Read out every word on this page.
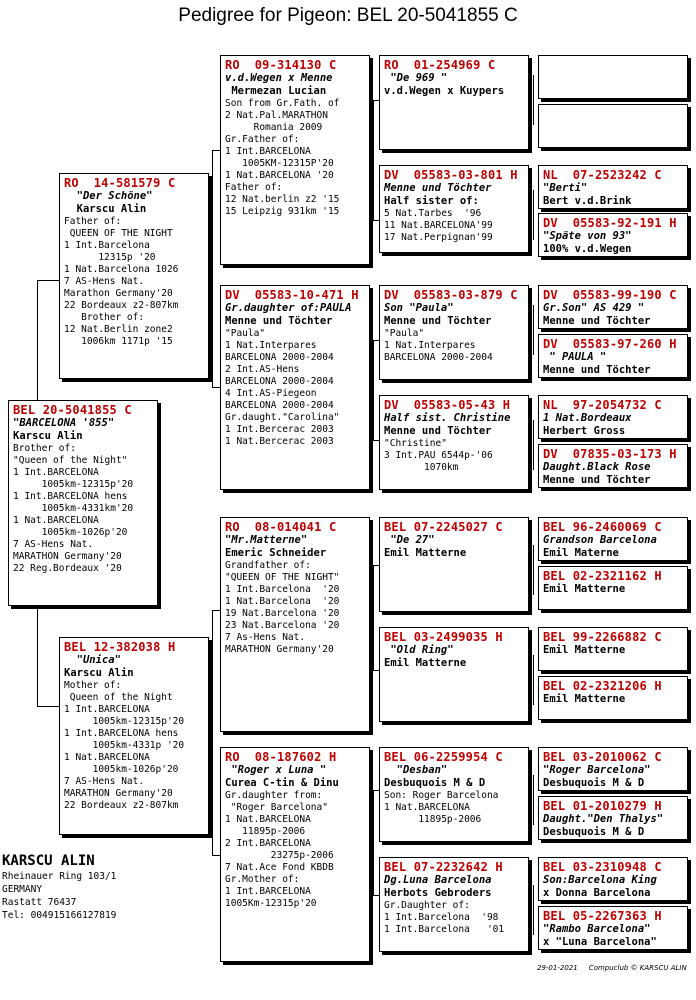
Pedigree for Pigeon: BEL 20-5041855 C
BEL 20-5041855 C
"BARCELONA '855"
Karscu Alin
Brother of:
"Queen of the Night"
1 Int.BARCELONA
1005km-12315p'20
1 Int.BARCELONA hens
1005km-4331km'20
1 Nat.BARCELONA
1005km-1026p'20
7 AS-Hens Nat.
MARATHON Germany'20
22 Reg.Bordeaux '20
RO  14-581579 C
"Der Schöne"
Karscu Alin
Father of:
QUEEN OF THE NIGHT
1 Int.Barcelona
12315p '20
1 Nat.Barcelona 1026
7 AS-Hens Nat.
Marathon Germany'20
22 Bordeaux z2-807km
Brother of:
12 Nat.Berlin zone2
1006km 1171p '15
BEL 12-382038 H
"Unica"
Karscu Alin
Mother of:
Queen of the Night
1 Int.BARCELONA
1005km-12315p'20
1 Int.BARCELONA hens
1005km-4331p '20
1 Nat.BARCELONA
1005km-1026p'20
7 AS-Hens Nat.
MARATHON Germany'20
22 Bordeaux z2-807km
RO  09-314130 C
v.d.Wegen x Menne
Mermezan Lucian
Son from Gr.Fath. of
2 Nat.Pal.MARATHON
Romania 2009
Gr.Father of:
1 Int.BARCELONA
1005KM-12315P'20
1 Nat.BARCELONA '20
Father of:
12 Nat.berlin z2 '15
15 Leipzig 931km '15
DV  05583-10-471 H
Gr.daughter of:PAULA
Menne und Töchter
"Paula"
1 Nat.Interpares
BARCELONA 2000-2004
2 Int.AS-Hens
BARCELONA 2000-2004
4 Int.AS-Piegeon
BARCELONA 2000-2004
Gr.daught."Carolina"
1 Int.Bercerac 2003
1 Nat.Bercerac 2003
RO  08-014041 C
"Mr.Matterne"
Emeric Schneider
Grandfather of:
"QUEEN OF THE NIGHT"
1 Int.Barcelona  '20
1 Nat.Barcelona  '20
19 Nat.Barcelona '20
23 Nat.Barcelona '20
7 As-Hens Nat.
MARATHON Germany'20
RO  08-187602 H
"Roger x Luna "
Curea C-tin & Dinu
Gr.daughter from:
"Roger Barcelona"
1 Nat.BARCELONA
11895p-2006
2 Int.BARCELONA
23275p-2006
7 Nat.Ace Fond KBDB
Gr.Mother of:
1 Int.BARCELONA
1005Km-12315p'20
RO  01-254969 C
"De 969 "
v.d.Wegen x Kuypers
DV  05583-03-801 H
Menne und Töchter
Half sister of:
5 Nat.Tarbes  '96
11 Nat.BARCELONA'99
17 Nat.Perpignan'99
DV  05583-03-879 C
Son "Paula"
Menne und Töchter
"Paula"
1 Nat.Interpares
BARCELONA 2000-2004
DV  05583-05-43 H
Half sist. Christine
Menne und Töchter
"Christine"
3 Int.PAU 6544p-'06
1070km
BEL 07-2245027 C
"De 27"
Emil Matterne
BEL 03-2499035 H
"Old Ring"
Emil Matterne
BEL 06-2259954 C
"Desban"
Desbuquois M & D
Son: Roger Barcelona
1 Nat.BARCELONA
11895p-2006
BEL 07-2232642 H
Dg.Luna Barcelona
Herbots Gebroders
Gr.Daughter of:
1 Int.Barcelona  '98
1 Int.Barcelona   '01
NL  07-2523242 C
"Berti"
Bert v.d.Brink
DV  05583-92-191 H
"Späte von 93"
100% v.d.Wegen
DV  05583-99-190 C
Gr.Son" AS 429 "
Menne und Töchter
DV  05583-97-260 H
" PAULA "
Menne und Töchter
NL  97-2054732 C
1 Nat.Bordeaux
Herbert Gross
DV  07835-03-173 H
Daught.Black Rose
Menne und Töchter
BEL 96-2460069 C
Grandson Barcelona
Emil Materne
BEL 02-2321162 H
Emil Matterne
BEL 99-2266882 C
Emil Matterne
BEL 02-2321206 H
Emil Matterne
BEL 03-2010062 C
"Roger Barcelona"
Desbuquois M & D
BEL 01-2010279 H
Daught."Den Thalys"
Desbuquois M & D
BEL 03-2310948 C
Son:Barcelona King
x Donna Barcelona
BEL 05-2267363 H
"Rambo Barcelona"
x "Luna Barcelona"
KARSCU ALIN
Rheinauer Ring 103/1
GERMANY
Rastatt 76437
Tel: 004915166127819
29-01-2021     Compuclub © KARSCU ALIN
